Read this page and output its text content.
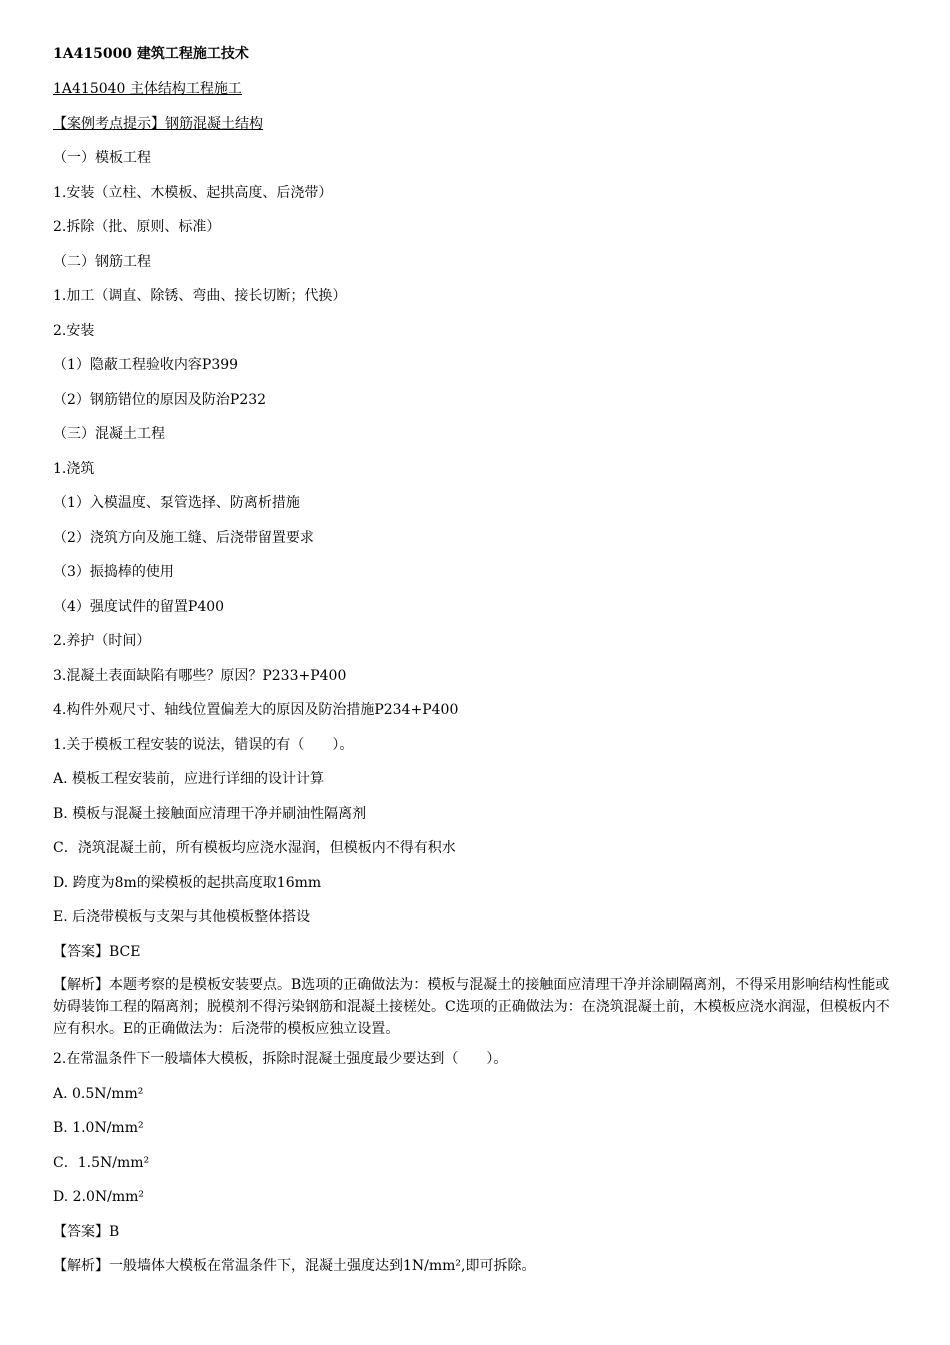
1A415000 建筑工程施工技术
1A415040 主体结构工程施工
【案例考点提示】钢筋混凝土结构
（一）模板工程
1.安装（立柱、木模板、起拱高度、后浇带）
2.拆除（批、原则、标准）
（二）钢筋工程
1.加工（调直、除锈、弯曲、接长切断；代换）
2.安装
（1）隐蔽工程验收内容P399
（2）钢筋错位的原因及防治P232
（三）混凝土工程
1.浇筑
（1）入模温度、泵管选择、防离析措施
（2）浇筑方向及施工缝、后浇带留置要求
（3）振捣棒的使用
（4）强度试件的留置P400
2.养护（时间）
3.混凝土表面缺陷有哪些？原因？P233+P400
4.构件外观尺寸、轴线位置偏差大的原因及防治措施P234+P400
1.关于模板工程安装的说法，错误的有（　　）。
A. 模板工程安装前，应进行详细的设计计算
B. 模板与混凝土接触面应清理干净并刷油性隔离剂
C．浇筑混凝土前，所有模板均应浇水湿润，但模板内不得有积水
D. 跨度为8m的梁模板的起拱高度取16mm
E. 后浇带模板与支架与其他模板整体搭设
【答案】BCE
【解析】本题考察的是模板安装要点。B选项的正确做法为：模板与混凝土的接触面应清理干净并涂刷隔离剂，不得采用影响结构性能或妨碍装饰工程的隔离剂；脱模剂不得污染钢筋和混凝土接槎处。C选项的正确做法为：在浇筑混凝土前，木模板应浇水润湿，但模板内不应有积水。E的正确做法为：后浇带的模板应独立设置。
2.在常温条件下一般墙体大模板，拆除时混凝土强度最少要达到（　　）。
A. 0.5N/mm²
B. 1.0N/mm²
C．1.5N/mm²
D. 2.0N/mm²
【答案】B
【解析】一般墙体大模板在常温条件下，混凝土强度达到1N/mm²,即可拆除。
